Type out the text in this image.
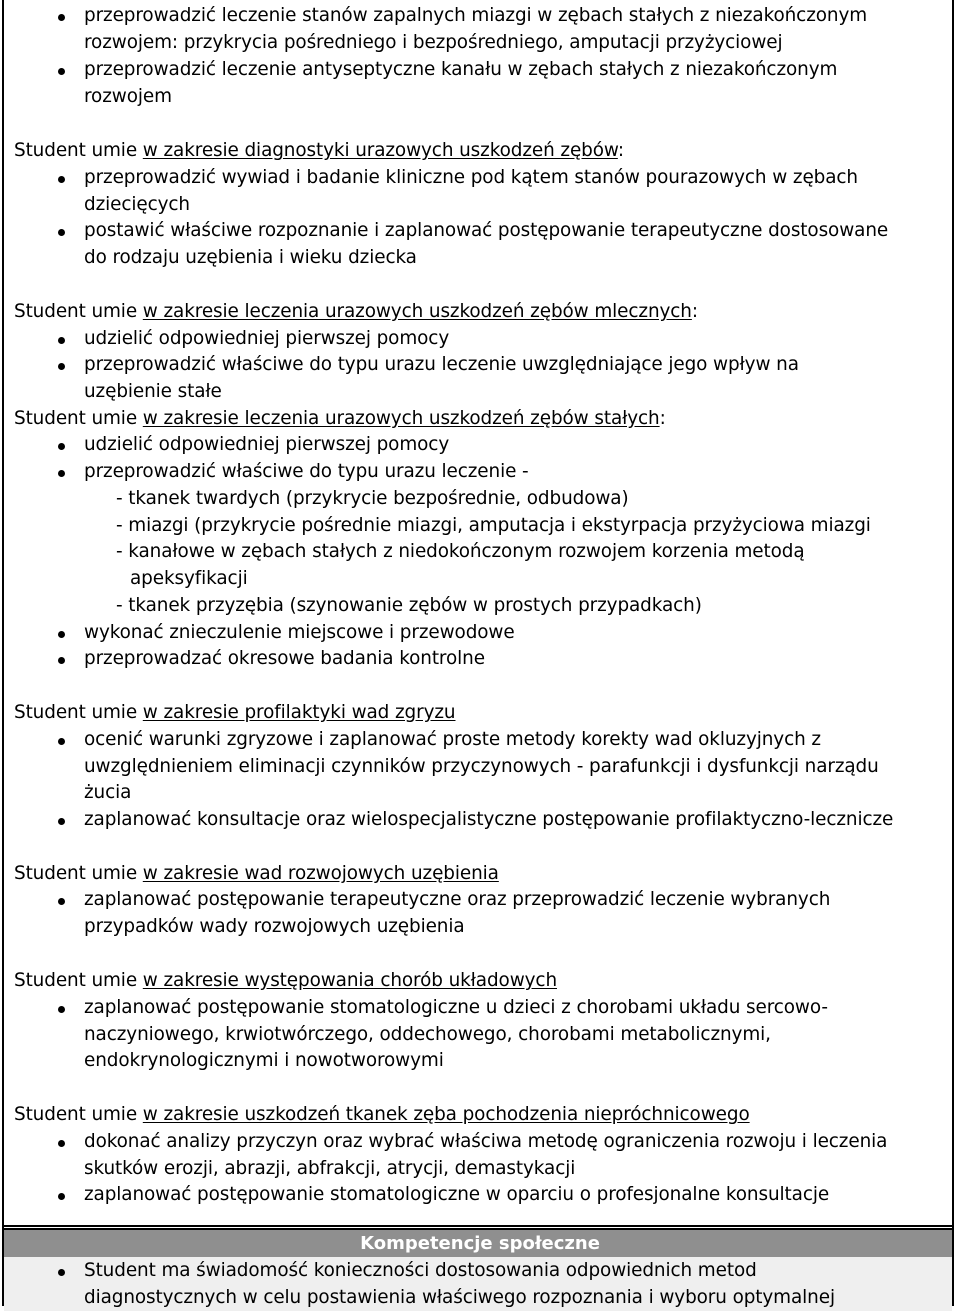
przeprowadzić leczenie stanów zapalnych miazgi w zębach stałych z niezakończonym
rozwojem: przykrycia pośredniego i bezpośredniego, amputacji przyżyciowej
przeprowadzić leczenie antyseptyczne kanału w zębach stałych z niezakończonym
rozwojem
Student umie w zakresie diagnostyki urazowych uszkodzeń zębów:
przeprowadzić wywiad i badanie kliniczne pod kątem stanów pourazowych w zębach
dziecięcych
postawić właściwe rozpoznanie i zaplanować postępowanie terapeutyczne dostosowane
do rodzaju uzębienia i wieku dziecka
Student umie w zakresie leczenia urazowych uszkodzeń zębów mlecznych:
udzielić odpowiedniej pierwszej pomocy
przeprowadzić właściwe do typu urazu leczenie uwzględniające jego wpływ na
uzębienie stałe
Student umie w zakresie leczenia urazowych uszkodzeń zębów stałych:
udzielić odpowiedniej pierwszej pomocy
przeprowadzić właściwe do typu urazu leczenie -
- tkanek twardych (przykrycie bezpośrednie, odbudowa)
- miazgi (przykrycie pośrednie miazgi, amputacja i ekstyrpacja przyżyciowa miazgi
- kanałowe w zębach stałych z niedokończonym rozwojem korzenia metodą
apeksyfikacji
- tkanek przyzębia (szynowanie zębów w prostych przypadkach)
wykonać znieczulenie miejscowe i przewodowe
przeprowadzać okresowe badania kontrolne
Student umie w zakresie profilaktyki wad zgryzu
ocenić warunki zgryzowe i zaplanować proste metody korekty wad okluzyjnych z
uwzględnieniem eliminacji czynników przyczynowych - parafunkcji i dysfunkcji narządu
żucia
zaplanować konsultacje oraz wielospecjalistyczne postępowanie profilaktyczno-lecznicze
Student umie w zakresie wad rozwojowych uzębienia
zaplanować postępowanie terapeutyczne oraz przeprowadzić leczenie wybranych
przypadków wady rozwojowych uzębienia
Student umie w zakresie występowania chorób układowych
zaplanować postępowanie stomatologiczne u dzieci z chorobami układu sercowo-
naczyniowego, krwiotwórczego, oddechowego, chorobami metabolicznymi,
endokrynologicznymi i nowotworowymi
Student umie w zakresie uszkodzeń tkanek zęba pochodzenia niepróchnicowego
dokonać analizy przyczyn oraz wybrać właściwa metodę ograniczenia rozwoju i leczenia
skutków erozji, abrazji, abfrakcji, atrycji, demastykacji
zaplanować postępowanie stomatologiczne w oparciu o profesjonalne konsultacje
Kompetencje społeczne
Student ma świadomość konieczności dostosowania odpowiednich metod
diagnostycznych w celu postawienia właściwego rozpoznania i wyboru optymalnej
